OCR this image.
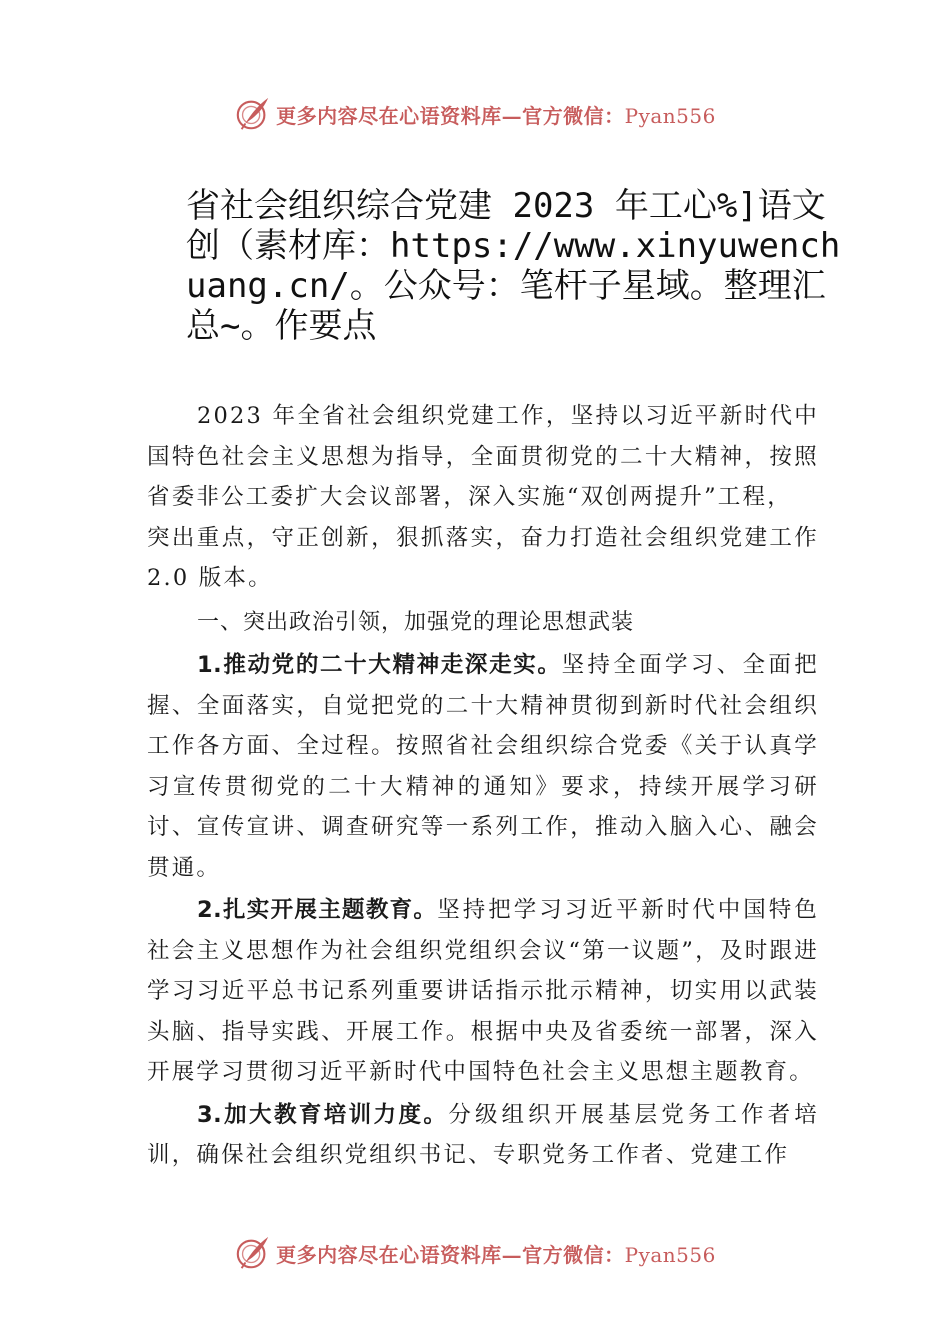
更多内容尽在心语资料库—官方微信：Pyan556
省社会组织综合党建 2023 年工心%]语文创（素材库：https://www.xinyuwenchuang.cn/。公众号：笔杆子星域。整理汇总~。作要点

2023 年全省社会组织党建工作，坚持以习近平新时代中国特色社会主义思想为指导，全面贯彻党的二十大精神，按照省委非公工委扩大会议部署，深入实施“双创两提升”工程，
突出重点，守正创新，狠抓落实，奋力打造社会组织党建工作 2.0 版本。

一、突出政治引领，加强党的理论思想武装

1.推动党的二十大精神走深走实。坚持全面学习、全面把握、全面落实，自觉把党的二十大精神贯彻到新时代社会组织工作各方面、全过程。按照省社会组织综合党委《关于认真学习宣传贯彻党的二十大精神的通知》要求，持续开展学习研讨、宣传宣讲、调查研究等一系列工作，推动入脑入心、融会贯通。

2.扎实开展主题教育。坚持把学习习近平新时代中国特色社会主义思想作为社会组织党组织会议“第一议题”，及时跟进学习习近平总书记系列重要讲话指示批示精神，切实用以武装头脑、指导实践、开展工作。根据中央及省委统一部署，深入开展学习贯彻习近平新时代中国特色社会主义思想主题教育。

3.加大教育培训力度。分级组织开展基层党务工作者培训，确保社会组织党组织书记、专职党务工作者、党建工作

更多内容尽在心语资料库—官方微信：Pyan556
